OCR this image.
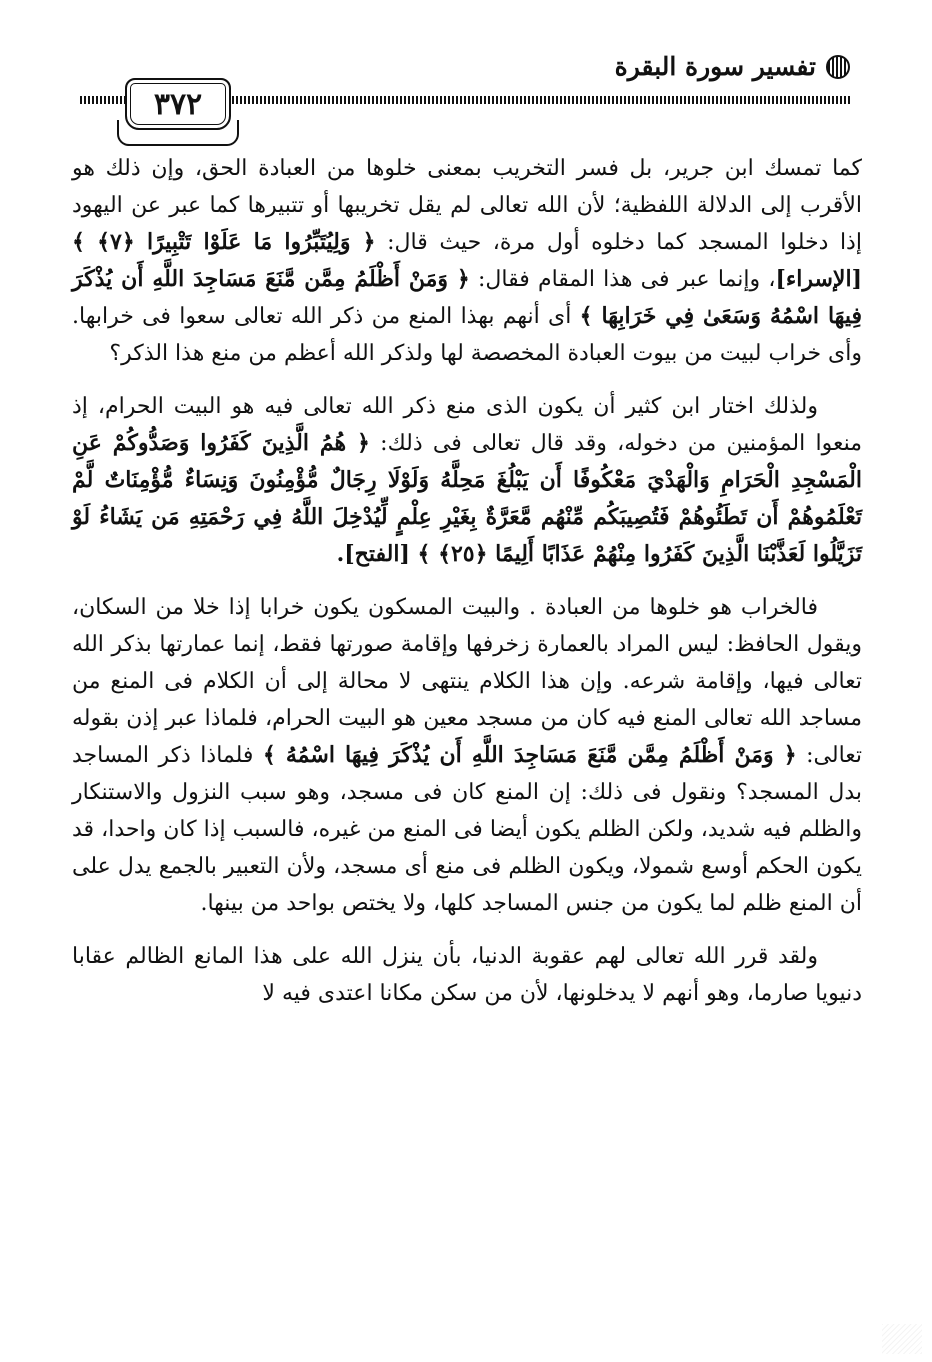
تفسير سورة البقرة
٣٧٢

كما تمسك ابن جرير، بل فسر التخريب بمعنى خلوها من العبادة الحق، وإن ذلك هو الأقرب إلى الدلالة اللفظية؛ لأن الله تعالى لم يقل تخريبها أو تتبيرها كما عبر عن اليهود إذا دخلوا المسجد كما دخلوه أول مرة، حيث قال: ﴿ وَلِيُتَبِّرُوا مَا عَلَوْا تَتْبِيرًا ﴿٧﴾ ﴾ [الإسراء]، وإنما عبر فى هذا المقام فقال: ﴿ وَمَنْ أَظْلَمُ مِمَّن مَّنَعَ مَسَاجِدَ اللَّهِ أَن يُذْكَرَ فِيهَا اسْمُهُ وَسَعَىٰ فِي خَرَابِهَا ﴾ أى أنهم بهذا المنع من ذكر الله تعالى سعوا فى خرابها. وأى خراب لبيت من بيوت العبادة المخصصة لها ولذكر الله أعظم من منع هذا الذكر؟

ولذلك اختار ابن كثير أن يكون الذى منع ذكر الله تعالى فيه هو البيت الحرام، إذ منعوا المؤمنين من دخوله، وقد قال تعالى فى ذلك: ﴿ هُمُ الَّذِينَ كَفَرُوا وَصَدُّوكُمْ عَنِ الْمَسْجِدِ الْحَرَامِ وَالْهَدْيَ مَعْكُوفًا أَن يَبْلُغَ مَحِلَّهُ وَلَوْلَا رِجَالٌ مُّؤْمِنُونَ وَنِسَاءٌ مُّؤْمِنَاتٌ لَّمْ تَعْلَمُوهُمْ أَن تَطَئُوهُمْ فَتُصِيبَكُم مِّنْهُم مَّعَرَّةٌ بِغَيْرِ عِلْمٍ لِّيُدْخِلَ اللَّهُ فِي رَحْمَتِهِ مَن يَشَاءُ لَوْ تَزَيَّلُوا لَعَذَّبْنَا الَّذِينَ كَفَرُوا مِنْهُمْ عَذَابًا أَلِيمًا ﴿٢٥﴾ ﴾ [الفتح].

فالخراب هو خلوها من العبادة . والبيت المسكون يكون خرابا إذا خلا من السكان، ويقول الحافظ: ليس المراد بالعمارة زخرفها وإقامة صورتها فقط، إنما عمارتها بذكر الله تعالى فيها، وإقامة شرعه. وإن هذا الكلام ينتهى لا محالة إلى أن الكلام فى المنع من مساجد الله تعالى المنع فيه كان من مسجد معين هو البيت الحرام، فلماذا عبر إذن بقوله تعالى: ﴿ وَمَنْ أَظْلَمُ مِمَّن مَّنَعَ مَسَاجِدَ اللَّهِ أَن يُذْكَرَ فِيهَا اسْمُهُ ﴾ فلماذا ذكر المساجد بدل المسجد؟ ونقول فى ذلك: إن المنع كان فى مسجد، وهو سبب النزول والاستنكار والظلم فيه شديد، ولكن الظلم يكون أيضا فى المنع من غيره، فالسبب إذا كان واحدا، قد يكون الحكم أوسع شمولا، ويكون الظلم فى منع أى مسجد، ولأن التعبير بالجمع يدل على أن المنع ظلم لما يكون من جنس المساجد كلها، ولا يختص بواحد من بينها.

ولقد قرر الله تعالى لهم عقوبة الدنيا، بأن ينزل الله على هذا المانع الظالم عقابا دنيويا صارما، وهو أنهم لا يدخلونها، لأن من سكن مكانا اعتدى فيه لا
